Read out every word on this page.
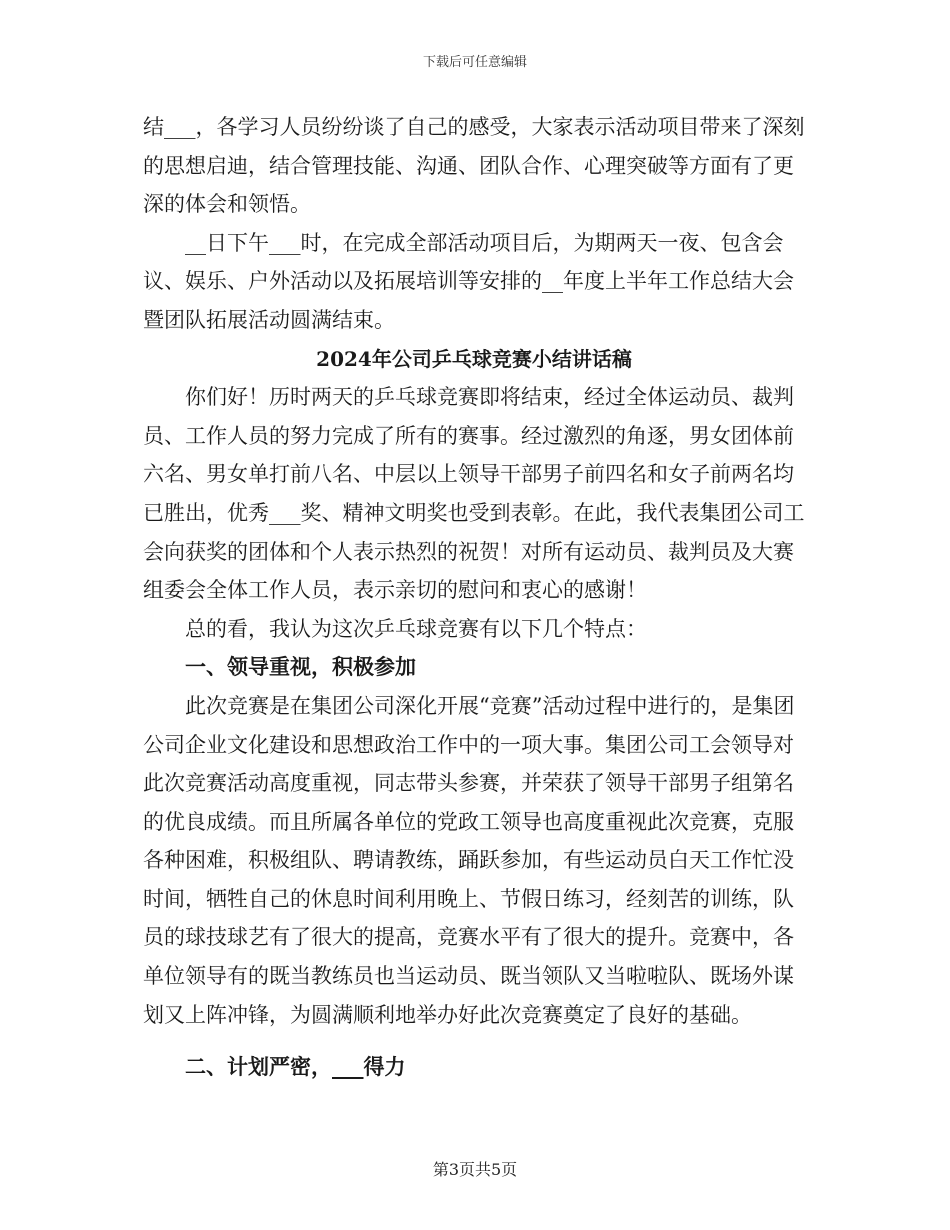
下载后可任意编辑

结___，各学习人员纷纷谈了自己的感受，大家表示活动项目带来了深刻的思想启迪，结合管理技能、沟通、团队合作、心理突破等方面有了更深的体会和领悟。

__日下午___时，在完成全部活动项目后，为期两天一夜、包含会议、娱乐、户外活动以及拓展培训等安排的__年度上半年工作总结大会暨团队拓展活动圆满结束。

2024年公司乒乓球竞赛小结讲话稿

你们好！历时两天的乒乓球竞赛即将结束，经过全体运动员、裁判员、工作人员的努力完成了所有的赛事。经过激烈的角逐，男女团体前六名、男女单打前八名、中层以上领导干部男子前四名和女子前两名均已胜出，优秀___奖、精神文明奖也受到表彰。在此，我代表集团公司工会向获奖的团体和个人表示热烈的祝贺！对所有运动员、裁判员及大赛组委会全体工作人员，表示亲切的慰问和衷心的感谢！

总的看，我认为这次乒乓球竞赛有以下几个特点：

一、领导重视，积极参加

此次竞赛是在集团公司深化开展“竞赛”活动过程中进行的，是集团公司企业文化建设和思想政治工作中的一项大事。集团公司工会领导对此次竞赛活动高度重视，同志带头参赛，并荣获了领导干部男子组第名的优良成绩。而且所属各单位的党政工领导也高度重视此次竞赛，克服各种困难，积极组队、聘请教练，踊跃参加，有些运动员白天工作忙没时间，牺牲自己的休息时间利用晚上、节假日练习，经刻苦的训练，队员的球技球艺有了很大的提高，竞赛水平有了很大的提升。竞赛中，各单位领导有的既当教练员也当运动员、既当领队又当啦啦队、既场外谋划又上阵冲锋，为圆满顺利地举办好此次竞赛奠定了良好的基础。

二、计划严密，___得力

第3页共5页
